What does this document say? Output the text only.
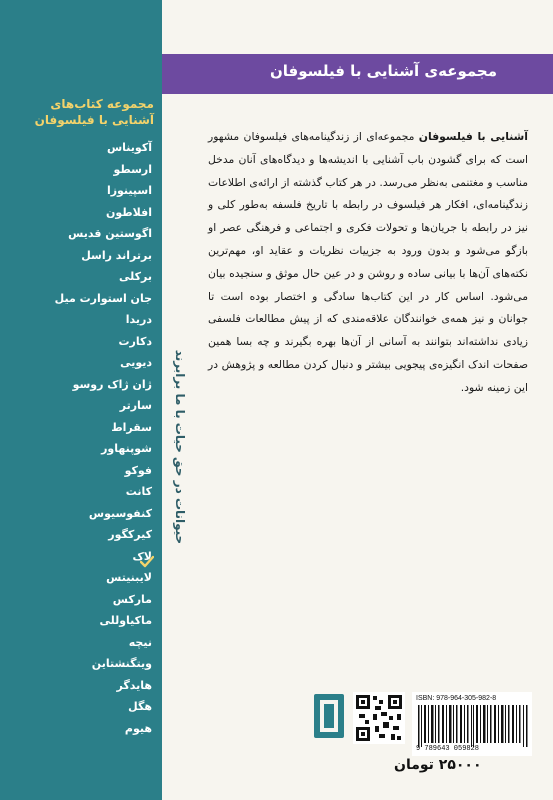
مجموعه کتاب‌های
آشنایی با فیلسوفان
آکویناس
ارسطو
اسپینوزا
افلاطون
اگوستین قدیس
برتراند راسل
برکلی
جان استوارت میل
دریدا
دکارت
دیویی
ژان ژاک روسو
سارتر
سقراط
شوپنهاور
فوکو
کانت
کنفوسیوس
کیرکگور
لاک
لایبنیتس
مارکس
ماکیاوللی
نیچه
ویتگنشتاین
هایدگر
هگل
هیوم
مجموعه‌ی آشنایی با فیلسوفان
حیوانات در حق حیات با ما برابرند
آشنایی با فیلسوفان مجموعه‌ای از زندگینامه‌های فیلسوفان مشهور است که برای گشودن باب آشنایی با اندیشه‌ها و دیدگاه‌های آنان مدخل مناسب و مغتنمی به‌نظر می‌رسد. در هر کتاب گذشته از ارائه‌ی اطلاعات زندگینامه‌ای، افکار هر فیلسوف در رابطه با تاریخ فلسفه به‌طور کلی و نیز در رابطه با جریان‌ها و تحولات فکری و اجتماعی و فرهنگی عصر او بازگو می‌شود و بدون ورود به جزییات نظریات و عقاید او، مهم‌ترین نکته‌های آن‌ها با بیانی ساده و روشن و در عین حال موثق و سنجیده بیان می‌شود. اساس کار در این کتاب‌ها سادگی و اختصار بوده است تا جوانان و نیز همه‌ی خوانندگان علاقه‌مندی که از پیش مطالعات فلسفی زیادی نداشته‌اند بتوانند به آسانی از آن‌ها بهره بگیرند و چه بسا همین صفحات اندک انگیزه‌ی پیجویی بیشتر و دنبال کردن مطالعه و پژوهش در این زمینه شود.
ISBN: 978-964-305-982-8
9 789643 059828
۲۵۰۰۰ تومان
